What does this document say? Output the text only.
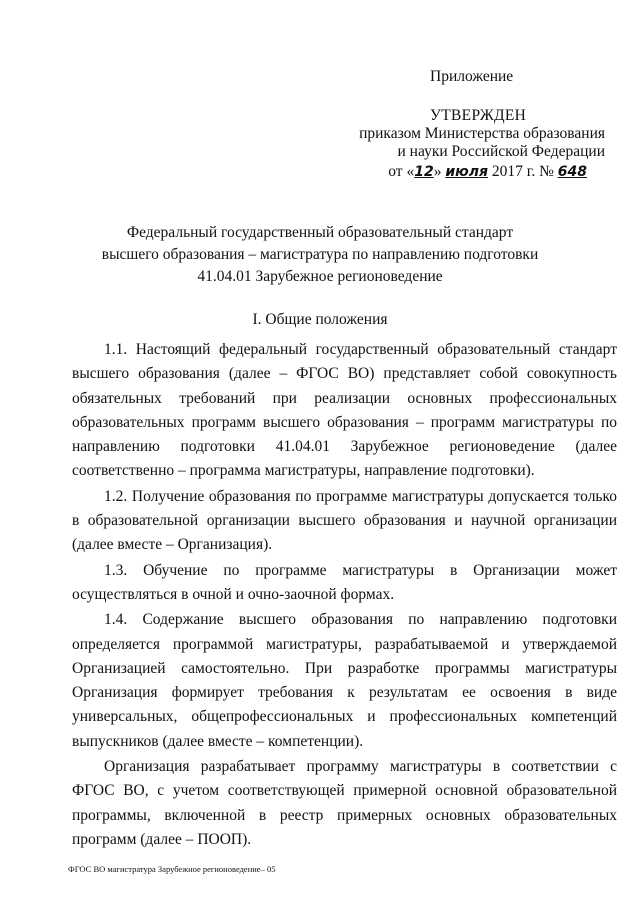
Приложение
УТВЕРЖДЕН
приказом Министерства образования
и науки Российской Федерации
от «12» июля 2017 г. № 648
Федеральный государственный образовательный стандарт
высшего образования – магистратура по направлению подготовки
41.04.01 Зарубежное регионоведение
I. Общие положения

1.1. Настоящий федеральный государственный образовательный стандарт высшего образования (далее – ФГОС ВО) представляет собой совокупность обязательных требований при реализации основных профессиональных образовательных программ высшего образования – программ магистратуры по направлению подготовки 41.04.01 Зарубежное регионоведение (далее соответственно – программа магистратуры, направление подготовки).

1.2. Получение образования по программе магистратуры допускается только в образовательной организации высшего образования и научной организации (далее вместе – Организация).

1.3. Обучение по программе магистратуры в Организации может осуществляться в очной и очно-заочной формах.

1.4. Содержание высшего образования по направлению подготовки определяется программой магистратуры, разрабатываемой и утверждаемой Организацией самостоятельно. При разработке программы магистратуры Организация формирует требования к результатам ее освоения в виде универсальных, общепрофессиональных и профессиональных компетенций выпускников (далее вместе – компетенции).

Организация разрабатывает программу магистратуры в соответствии с ФГОС ВО, с учетом соответствующей примерной основной образовательной программы, включенной в реестр примерных основных образовательных программ (далее – ПООП).

ФГОС ВО магистратура Зарубежное регионоведение– 05
